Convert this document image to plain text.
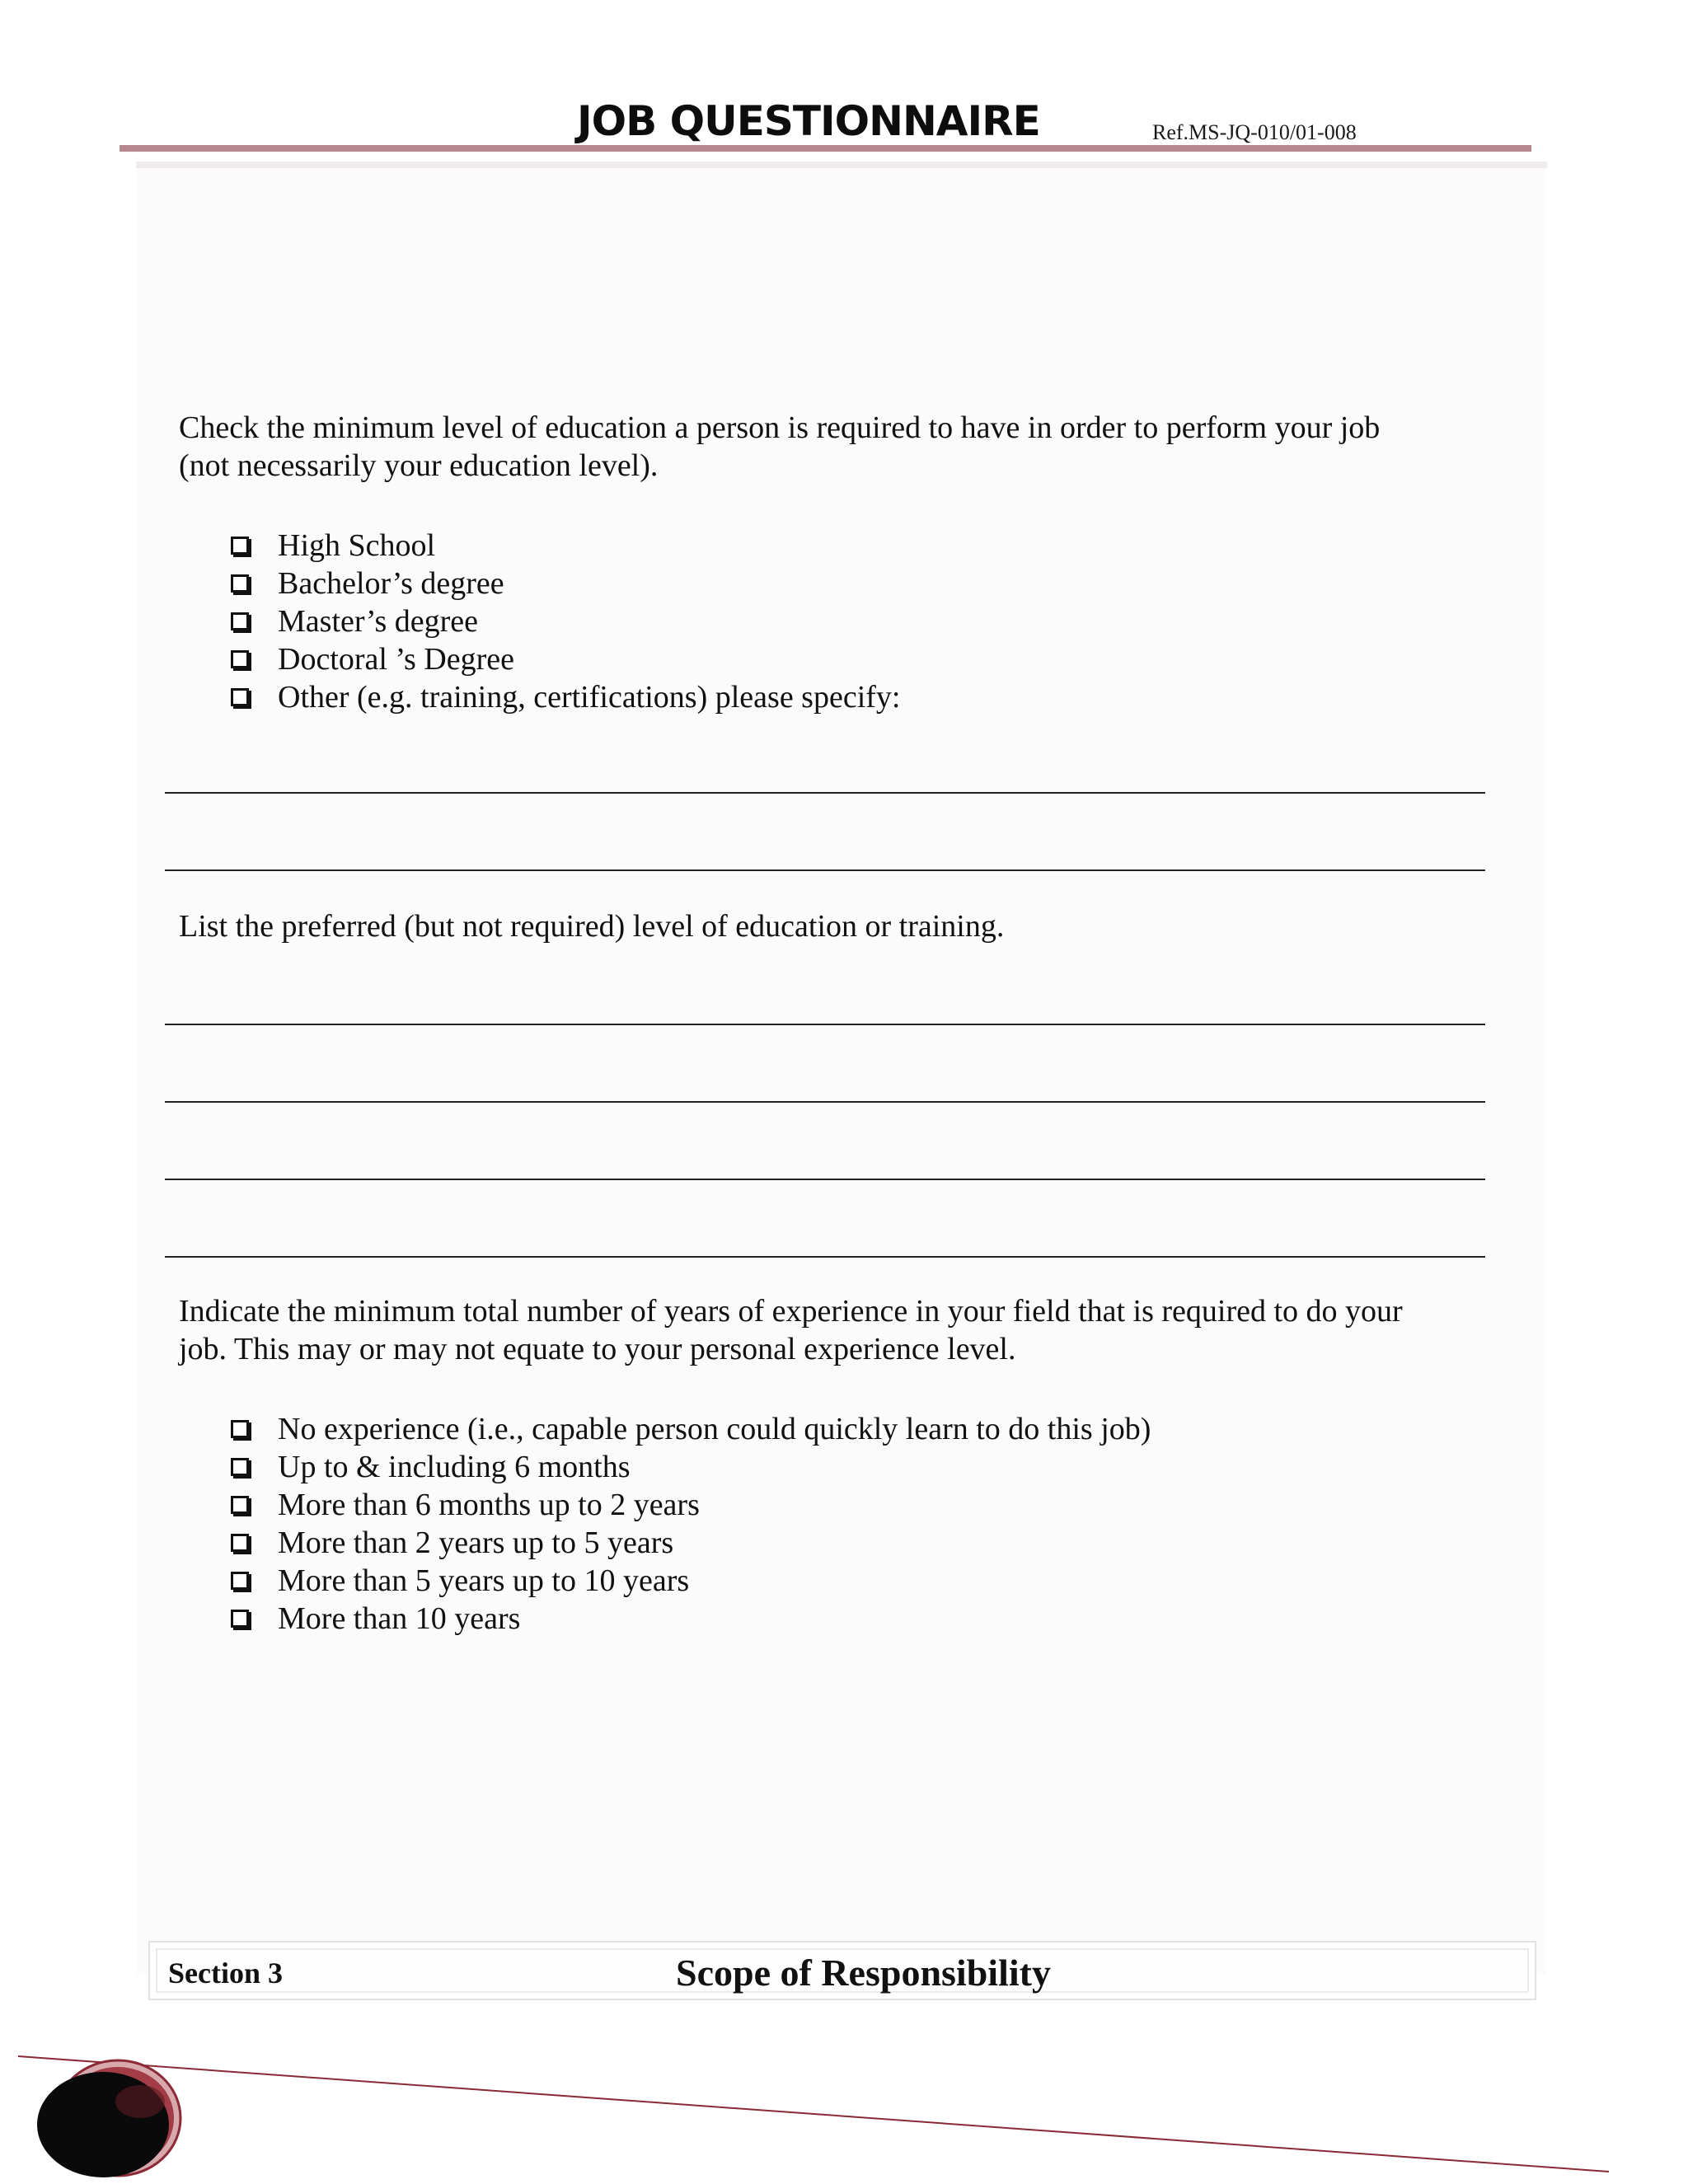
JOB QUESTIONNAIRE	Ref.MS-JQ-010/01-008

Check the minimum level of education a person is required to have in order to perform your job
(not necessarily your education level).

High School
Bachelor’s degree
Master’s degree
Doctoral ’s Degree
Other (e.g. training, certifications) please specify:

List the preferred (but not required) level of education or training.

Indicate the minimum total number of years of experience in your field that is required to do your
job. This may or may not equate to your personal experience level.

No experience (i.e., capable person could quickly learn to do this job)
Up to & including 6 months
More than 6 months up to 2 years
More than 2 years up to 5 years
More than 5 years up to 10 years
More than 10 years
Section 3	Scope of Responsibility
